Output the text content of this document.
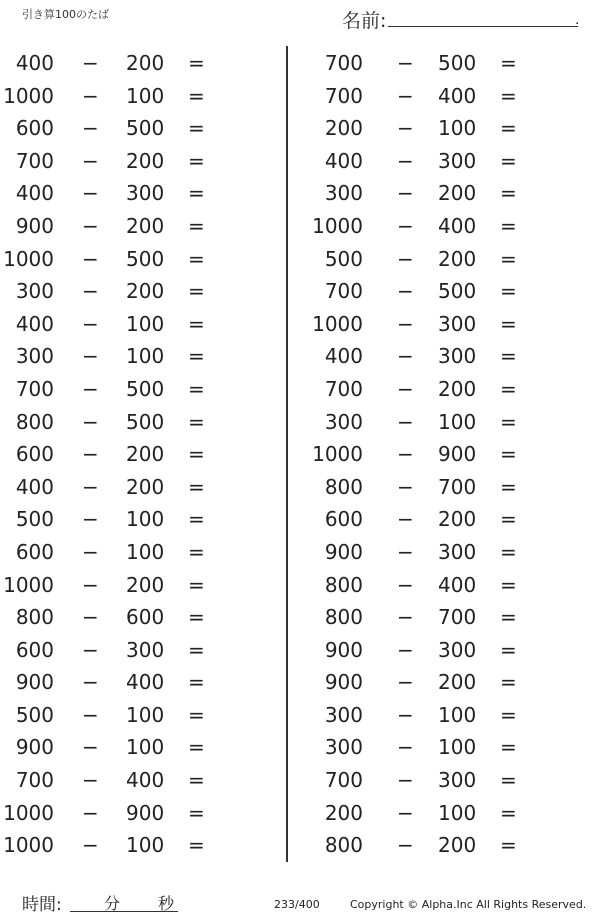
引き算100のたば	名前:	.
400 − 200 =
1000 − 100 =
600 − 500 =
700 − 200 =
400 − 300 =
900 − 200 =
1000 − 500 =
300 − 200 =
400 − 100 =
300 − 100 =
700 − 500 =
800 − 500 =
600 − 200 =
400 − 200 =
500 − 100 =
600 − 100 =
1000 − 200 =
800 − 600 =
600 − 300 =
900 − 400 =
500 − 100 =
900 − 100 =
700 − 400 =
1000 − 900 =
1000 − 100 =
700 − 500 =
700 − 400 =
200 − 100 =
400 − 300 =
300 − 200 =
1000 − 400 =
500 − 200 =
700 − 500 =
1000 − 300 =
400 − 300 =
700 − 200 =
300 − 100 =
1000 − 900 =
800 − 700 =
600 − 200 =
900 − 300 =
800 − 400 =
800 − 700 =
900 − 300 =
900 − 200 =
300 − 100 =
300 − 100 =
700 − 300 =
200 − 100 =
800 − 200 =
時間:	分 秒	233/400	Copyright © Alpha.Inc All Rights Reserved.
